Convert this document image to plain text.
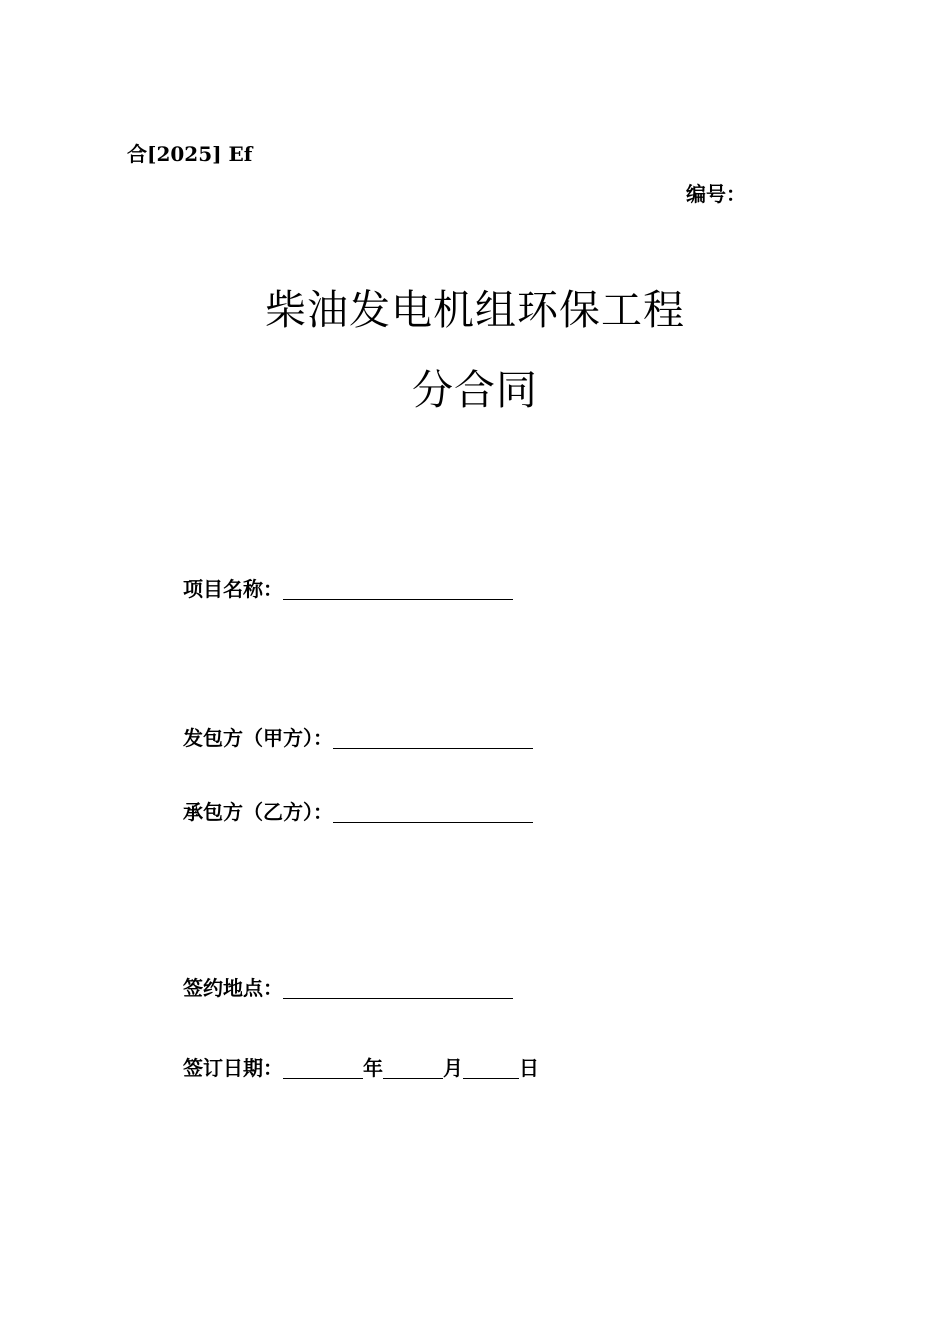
合[2025] Ef
编号：
柴油发电机组环保工程
分合同
项目名称：
发包方（甲方）：
承包方（乙方）：
签约地点：
签订日期：	年	月	日
